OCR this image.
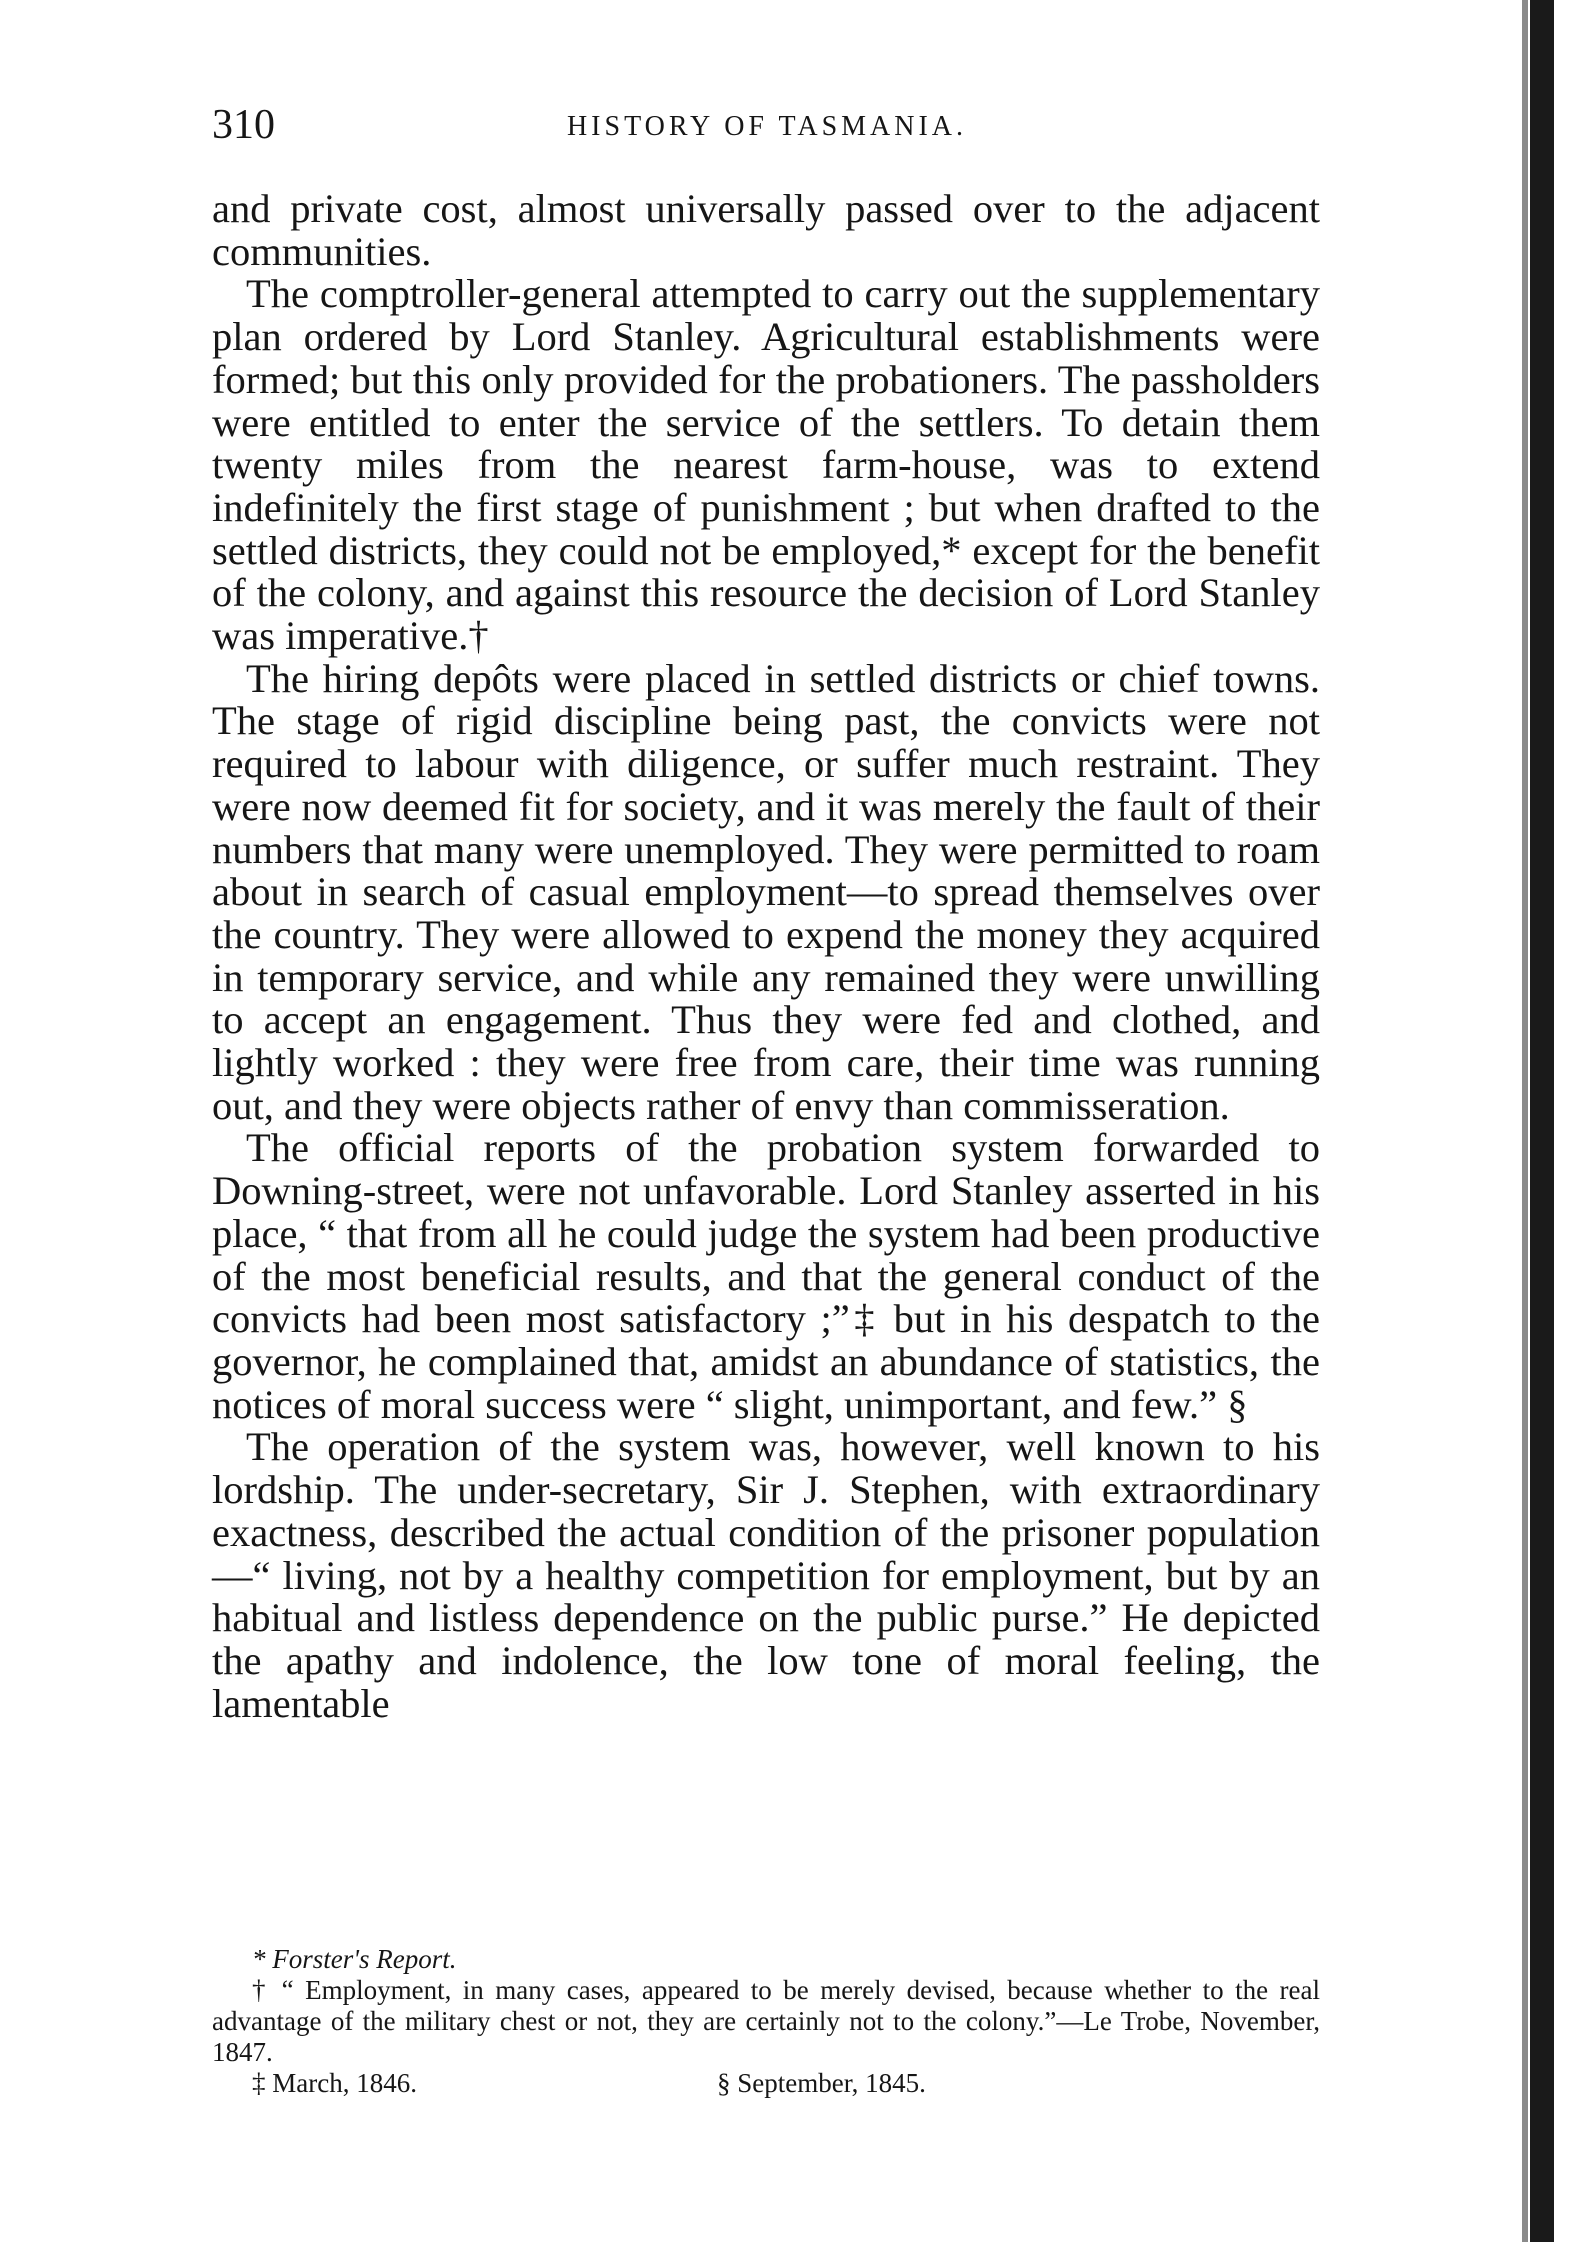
310	HISTORY OF TASMANIA.

and private cost, almost universally passed over to the adjacent communities.

The comptroller-general attempted to carry out the supplementary plan ordered by Lord Stanley. Agricultural establishments were formed; but this only provided for the probationers. The passholders were entitled to enter the service of the settlers. To detain them twenty miles from the nearest farm-house, was to extend indefinitely the first stage of punishment ; but when drafted to the settled districts, they could not be employed,* except for the benefit of the colony, and against this resource the decision of Lord Stanley was imperative.†

The hiring depôts were placed in settled districts or chief towns. The stage of rigid discipline being past, the convicts were not required to labour with diligence, or suffer much restraint. They were now deemed fit for society, and it was merely the fault of their numbers that many were unemployed. They were permitted to roam about in search of casual employment—to spread themselves over the country. They were allowed to expend the money they acquired in temporary service, and while any remained they were unwilling to accept an engagement. Thus they were fed and clothed, and lightly worked : they were free from care, their time was running out, and they were objects rather of envy than commisseration.

The official reports of the probation system forwarded to Downing-street, were not unfavorable. Lord Stanley asserted in his place, “ that from all he could judge the system had been productive of the most beneficial results, and that the general conduct of the convicts had been most satisfactory ;”‡ but in his despatch to the governor, he complained that, amidst an abundance of statistics, the notices of moral success were “ slight, unimportant, and few.” §

The operation of the system was, however, well known to his lordship. The under-secretary, Sir J. Stephen, with extraordinary exactness, described the actual condition of the prisoner population—“ living, not by a healthy competition for employment, but by an habitual and listless dependence on the public purse.” He depicted the apathy and indolence, the low tone of moral feeling, the lamentable

* Forster's Report.

† “ Employment, in many cases, appeared to be merely devised, because whether to the real advantage of the military chest or not, they are certainly not to the colony.”—Le Trobe, November, 1847.

‡ March, 1846.	§ September, 1845.
